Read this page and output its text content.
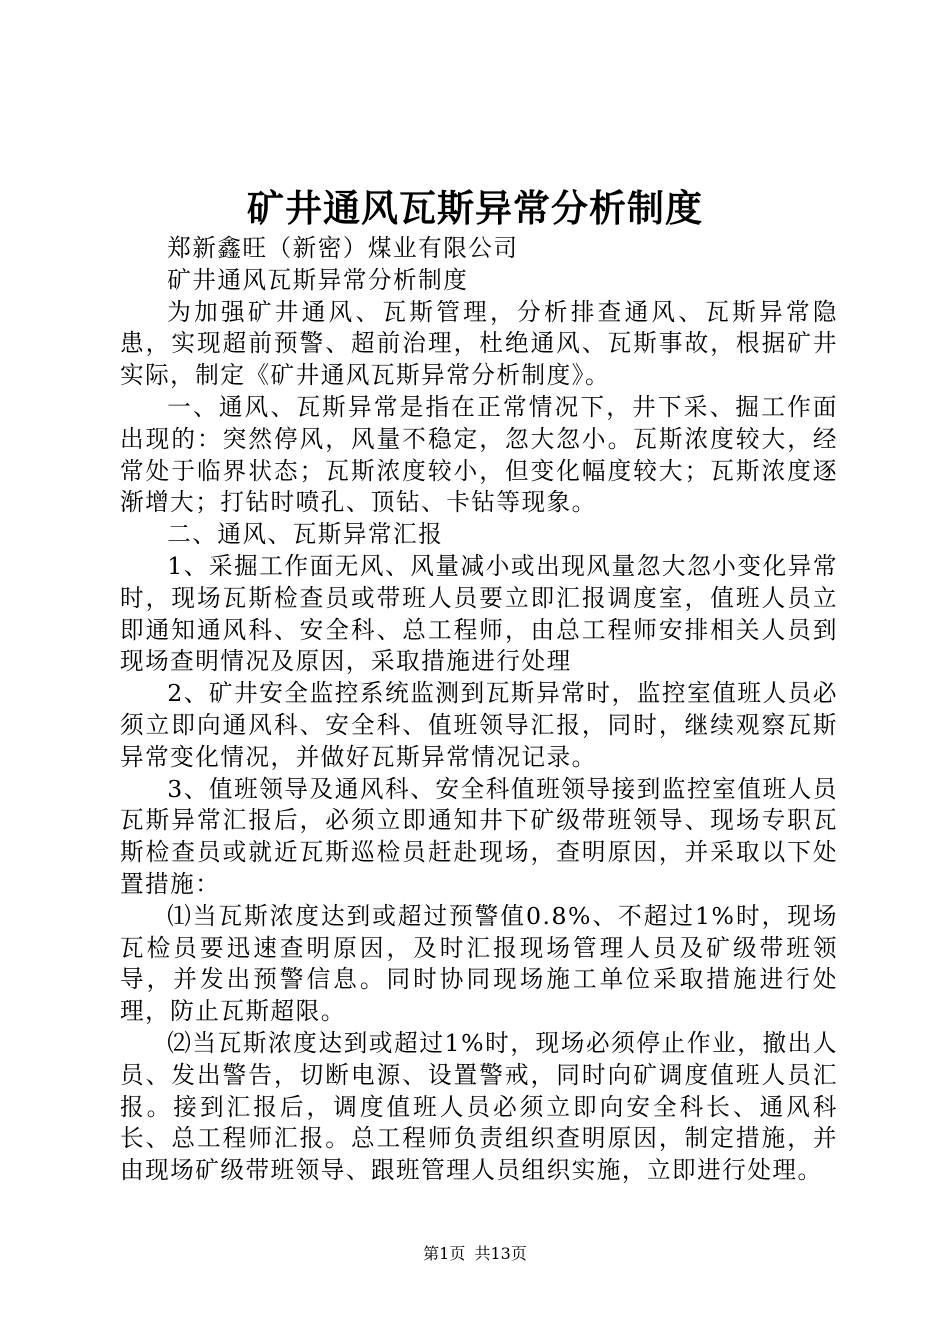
矿井通风瓦斯异常分析制度

郑新鑫旺（新密）煤业有限公司

矿井通风瓦斯异常分析制度

为加强矿井通风、瓦斯管理，分析排查通风、瓦斯异常隐患，实现超前预警、超前治理，杜绝通风、瓦斯事故，根据矿井实际，制定《矿井通风瓦斯异常分析制度》。

一、通风、瓦斯异常是指在正常情况下，井下采、掘工作面出现的：突然停风，风量不稳定，忽大忽小。瓦斯浓度较大，经常处于临界状态；瓦斯浓度较小，但变化幅度较大；瓦斯浓度逐渐增大；打钻时喷孔、顶钻、卡钻等现象。

二、通风、瓦斯异常汇报

1、采掘工作面无风、风量减小或出现风量忽大忽小变化异常时，现场瓦斯检查员或带班人员要立即汇报调度室，值班人员立即通知通风科、安全科、总工程师，由总工程师安排相关人员到现场查明情况及原因，采取措施进行处理

2、矿井安全监控系统监测到瓦斯异常时，监控室值班人员必须立即向通风科、安全科、值班领导汇报，同时，继续观察瓦斯异常变化情况，并做好瓦斯异常情况记录。

3、值班领导及通风科、安全科值班领导接到监控室值班人员瓦斯异常汇报后，必须立即通知井下矿级带班领导、现场专职瓦斯检查员或就近瓦斯巡检员赶赴现场，查明原因，并采取以下处置措施：

⑴当瓦斯浓度达到或超过预警值0.8%、不超过1%时，现场瓦检员要迅速查明原因，及时汇报现场管理人员及矿级带班领导，并发出预警信息。同时协同现场施工单位采取措施进行处理，防止瓦斯超限。

⑵当瓦斯浓度达到或超过1%时，现场必须停止作业，撤出人员、发出警告，切断电源、设置警戒，同时向矿调度值班人员汇报。接到汇报后，调度值班人员必须立即向安全科长、通风科长、总工程师汇报。总工程师负责组织查明原因，制定措施，并由现场矿级带班领导、跟班管理人员组织实施，立即进行处理。

第1页 共13页
